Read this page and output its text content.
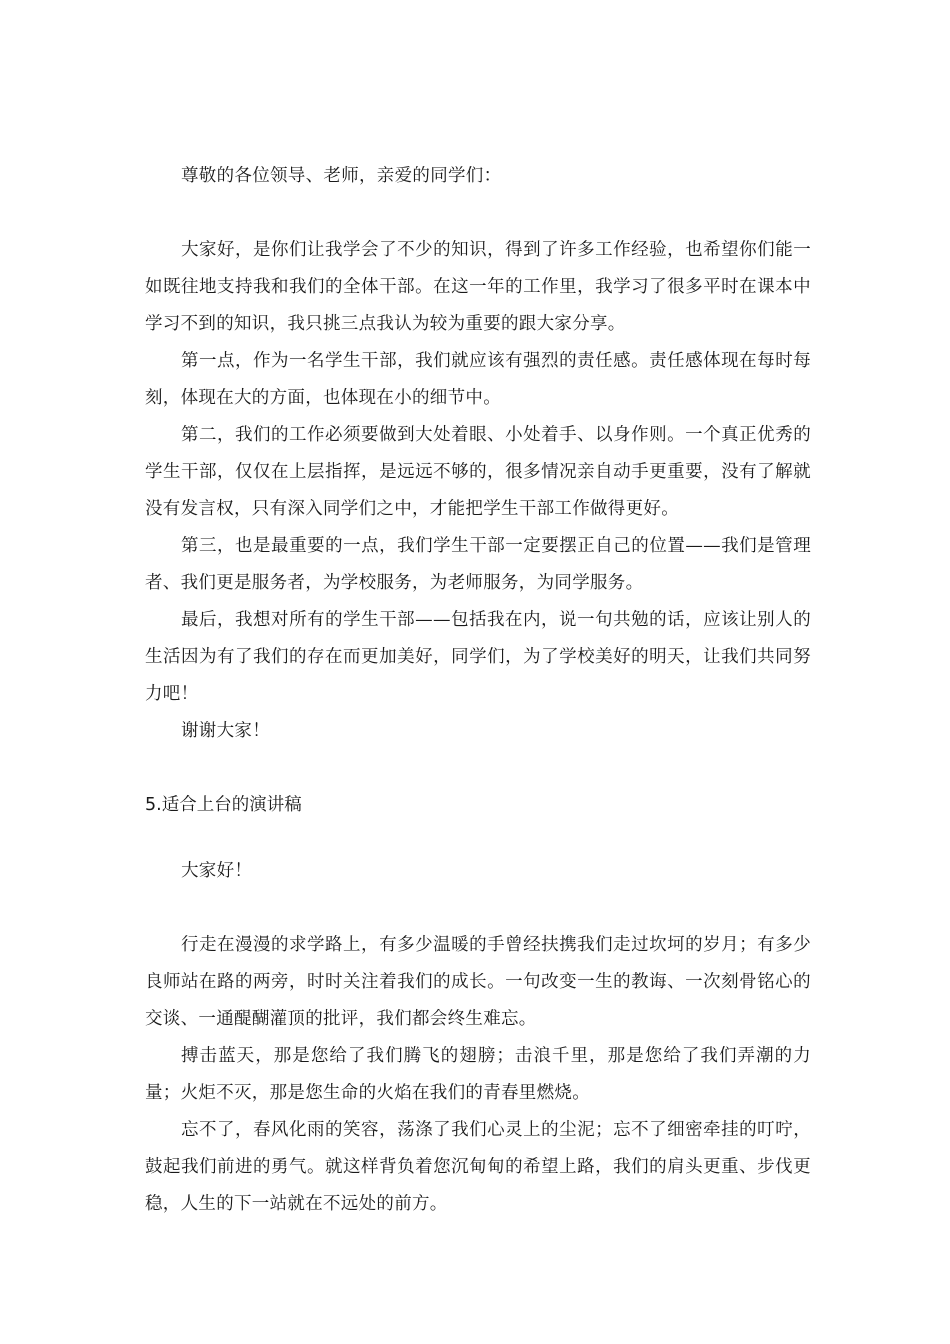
尊敬的各位领导、老师，亲爱的同学们：

大家好，是你们让我学会了不少的知识，得到了许多工作经验，也希望你们能一如既往地支持我和我们的全体干部。在这一年的工作里，我学习了很多平时在课本中学习不到的知识，我只挑三点我认为较为重要的跟大家分享。

第一点，作为一名学生干部，我们就应该有强烈的责任感。责任感体现在每时每刻，体现在大的方面，也体现在小的细节中。

第二，我们的工作必须要做到大处着眼、小处着手、以身作则。一个真正优秀的学生干部，仅仅在上层指挥，是远远不够的，很多情况亲自动手更重要，没有了解就没有发言权，只有深入同学们之中，才能把学生干部工作做得更好。

第三，也是最重要的一点，我们学生干部一定要摆正自己的位置——我们是管理者、我们更是服务者，为学校服务，为老师服务，为同学服务。

最后，我想对所有的学生干部——包括我在内，说一句共勉的话，应该让别人的生活因为有了我们的存在而更加美好，同学们，为了学校美好的明天，让我们共同努力吧！

谢谢大家！

5.适合上台的演讲稿

大家好！

行走在漫漫的求学路上，有多少温暖的手曾经扶携我们走过坎坷的岁月；有多少良师站在路的两旁，时时关注着我们的成长。一句改变一生的教诲、一次刻骨铭心的交谈、一通醍醐灌顶的批评，我们都会终生难忘。

搏击蓝天，那是您给了我们腾飞的翅膀；击浪千里，那是您给了我们弄潮的力量；火炬不灭，那是您生命的火焰在我们的青春里燃烧。

忘不了，春风化雨的笑容，荡涤了我们心灵上的尘泥；忘不了细密牵挂的叮咛，鼓起我们前进的勇气。就这样背负着您沉甸甸的希望上路，我们的肩头更重、步伐更稳，人生的下一站就在不远处的前方。
